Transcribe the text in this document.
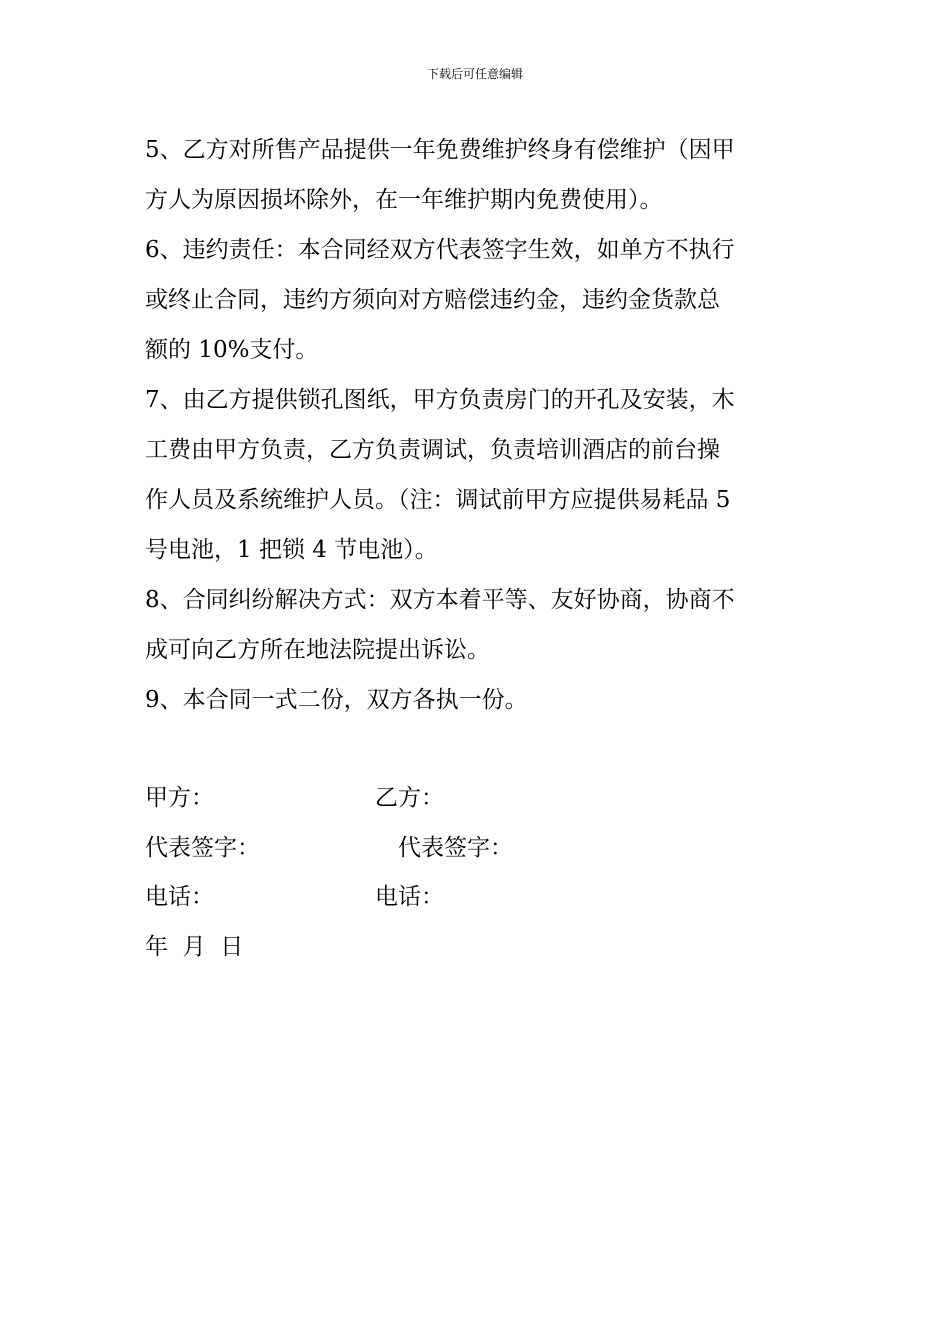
下载后可任意编辑
5、乙方对所售产品提供一年免费维护终身有偿维护（因甲
方人为原因损坏除外，在一年维护期内免费使用）。
6、违约责任：本合同经双方代表签字生效，如单方不执行
或终止合同，违约方须向对方赔偿违约金，违约金货款总
额的 10%支付。
7、由乙方提供锁孔图纸，甲方负责房门的开孔及安装，木
工费由甲方负责，乙方负责调试，负责培训酒店的前台操
作人员及系统维护人员。（注：调试前甲方应提供易耗品 5
号电池，1 把锁 4 节电池）。
8、合同纠纷解决方式：双方本着平等、友好协商，协商不
成可向乙方所在地法院提出诉讼。
9、本合同一式二份，双方各执一份。
甲方：	乙方：
代表签字：	代表签字：
电话：	电话：
年  月  日
